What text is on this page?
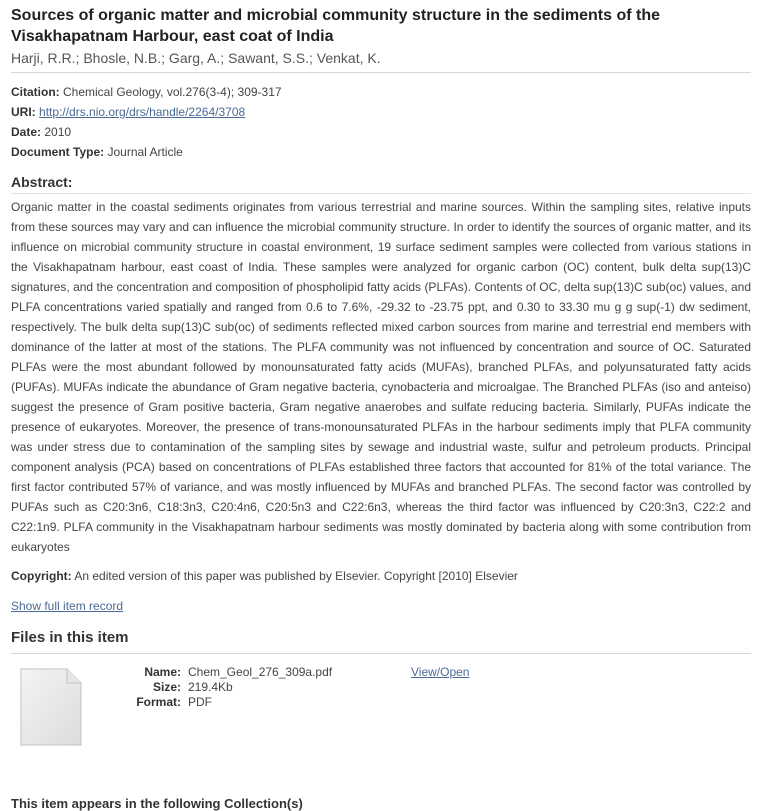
Sources of organic matter and microbial community structure in the sediments of the Visakhapatnam Harbour, east coat of India
Harji, R.R.; Bhosle, N.B.; Garg, A.; Sawant, S.S.; Venkat, K.
Citation: Chemical Geology, vol.276(3-4); 309-317
URI: http://drs.nio.org/drs/handle/2264/3708
Date: 2010
Document Type: Journal Article
Abstract:

Organic matter in the coastal sediments originates from various terrestrial and marine sources. Within the sampling sites, relative inputs from these sources may vary and can influence the microbial community structure. In order to identify the sources of organic matter, and its influence on microbial community structure in coastal environment, 19 surface sediment samples were collected from various stations in the Visakhapatnam harbour, east coast of India. These samples were analyzed for organic carbon (OC) content, bulk delta sup(13)C signatures, and the concentration and composition of phospholipid fatty acids (PLFAs). Contents of OC, delta sup(13)C sub(oc) values, and PLFA concentrations varied spatially and ranged from 0.6 to 7.6%, -29.32 to -23.75 ppt, and 0.30 to 33.30 mu g g sup(-1) dw sediment, respectively. The bulk delta sup(13)C sub(oc) of sediments reflected mixed carbon sources from marine and terrestrial end members with dominance of the latter at most of the stations. The PLFA community was not influenced by concentration and source of OC. Saturated PLFAs were the most abundant followed by monounsaturated fatty acids (MUFAs), branched PLFAs, and polyunsaturated fatty acids (PUFAs). MUFAs indicate the abundance of Gram negative bacteria, cynobacteria and microalgae. The Branched PLFAs (iso and anteiso) suggest the presence of Gram positive bacteria, Gram negative anaerobes and sulfate reducing bacteria. Similarly, PUFAs indicate the presence of eukaryotes. Moreover, the presence of trans-monounsaturated PLFAs in the harbour sediments imply that PLFA community was under stress due to contamination of the sampling sites by sewage and industrial waste, sulfur and petroleum products. Principal component analysis (PCA) based on concentrations of PLFAs established three factors that accounted for 81% of the total variance. The first factor contributed 57% of variance, and was mostly influenced by MUFAs and branched PLFAs. The second factor was controlled by PUFAs such as C20:3n6, C18:3n3, C20:4n6, C20:5n3 and C22:6n3, whereas the third factor was influenced by C20:3n3, C22:2 and C22:1n9. PLFA community in the Visakhapatnam harbour sediments was mostly dominated by bacteria along with some contribution from eukaryotes

Copyright: An edited version of this paper was published by Elsevier. Copyright [2010] Elsevier
Show full item record
Files in this item
Name: Chem_Geol_276_309a.pdf
Size: 219.4Kb
Format: PDF
View/Open
This item appears in the following Collection(s)
